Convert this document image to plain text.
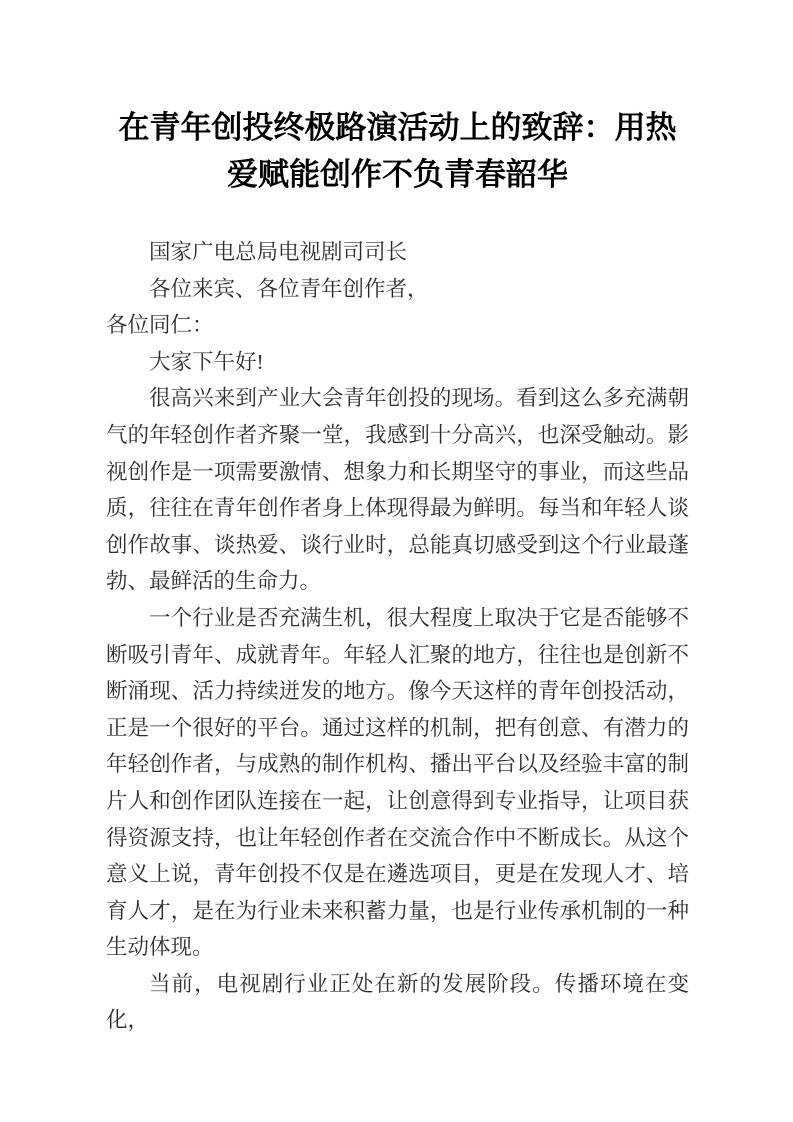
在青年创投终极路演活动上的致辞：用热爱赋能创作不负青春韶华

国家广电总局电视剧司司长

各位来宾、各位青年创作者，

各位同仁：

大家下午好!

很高兴来到产业大会青年创投的现场。看到这么多充满朝气的年轻创作者齐聚一堂，我感到十分高兴，也深受触动。影视创作是一项需要激情、想象力和长期坚守的事业，而这些品质，往往在青年创作者身上体现得最为鲜明。每当和年轻人谈创作故事、谈热爱、谈行业时，总能真切感受到这个行业最蓬勃、最鲜活的生命力。

一个行业是否充满生机，很大程度上取决于它是否能够不断吸引青年、成就青年。年轻人汇聚的地方，往往也是创新不断涌现、活力持续迸发的地方。像今天这样的青年创投活动，正是一个很好的平台。通过这样的机制，把有创意、有潜力的年轻创作者，与成熟的制作机构、播出平台以及经验丰富的制片人和创作团队连接在一起，让创意得到专业指导，让项目获得资源支持，也让年轻创作者在交流合作中不断成长。从这个意义上说，青年创投不仅是在遴选项目，更是在发现人才、培育人才，是在为行业未来积蓄力量，也是行业传承机制的一种生动体现。

当前，电视剧行业正处在新的发展阶段。传播环境在变化，
